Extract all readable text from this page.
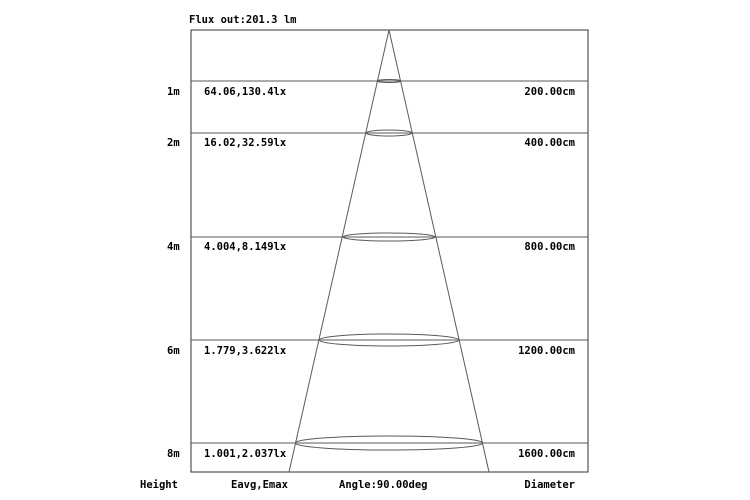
Flux out:201.3 lm
1m 64.06,130.4lx	200.00cm
2m 16.02,32.59lx	400.00cm
4m 4.004,8.149lx	800.00cm
6m 1.779,3.622lx	1200.00cm
8m 1.001,2.037lx	1600.00cm
Height	Eavg,Emax	Angle:90.00deg	Diameter
